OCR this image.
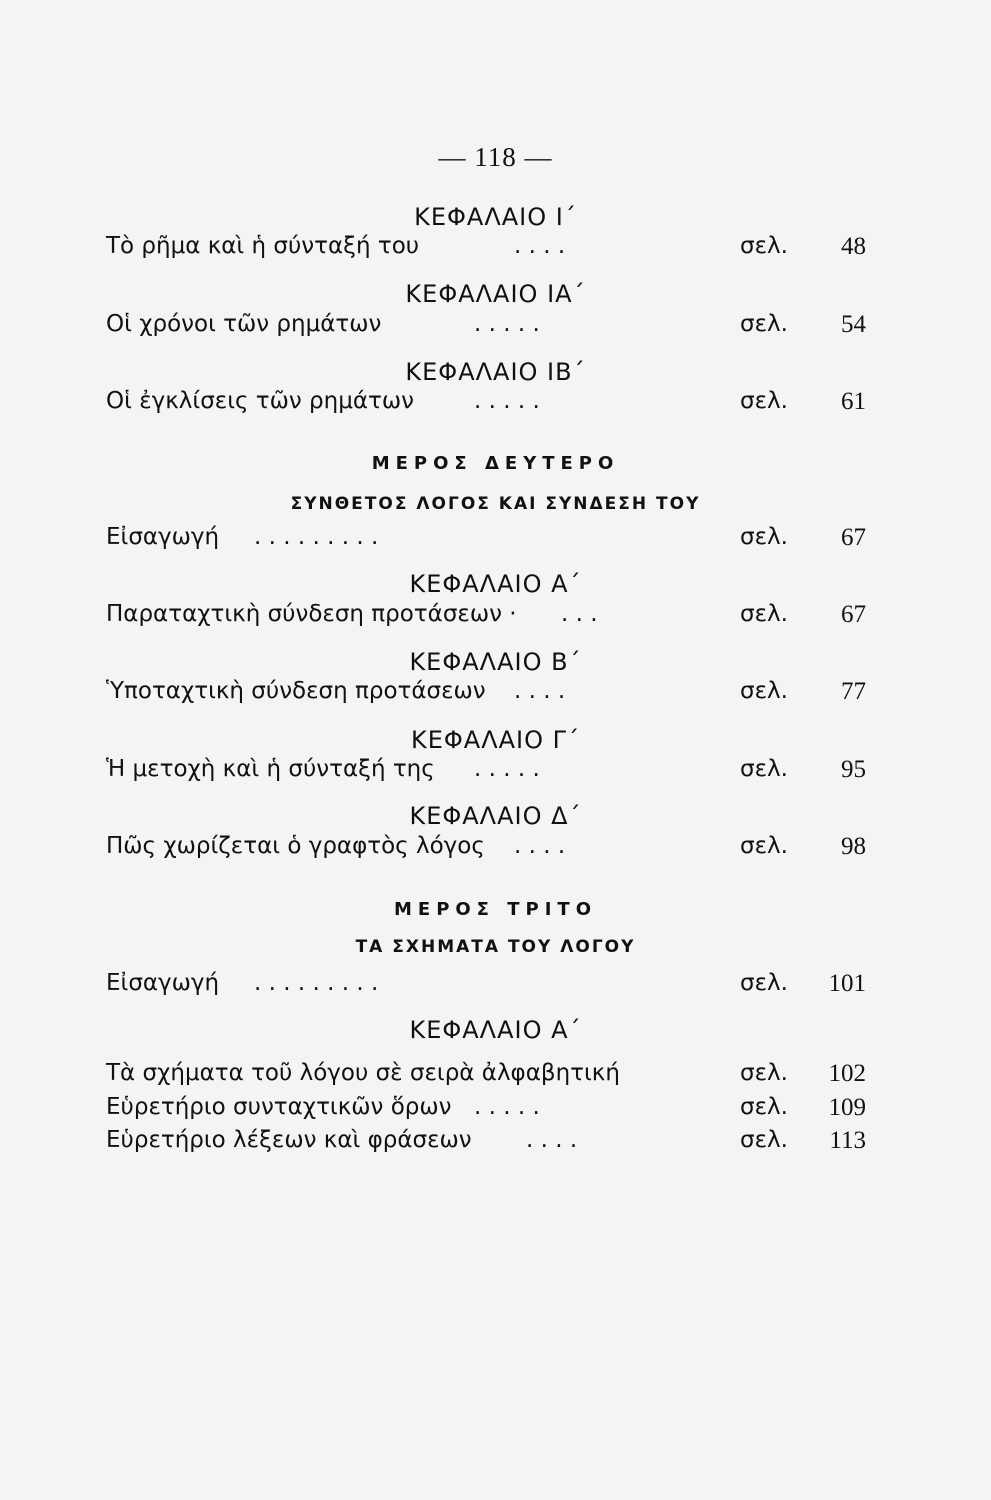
— 118 —
ΚΕΦΑΛΑΙΟ Ι΄
Τὸ ρῆμα καὶ ἡ σύνταξή του	. . . .	σελ.	48
ΚΕΦΑΛΑΙΟ ΙΑ΄
Οἱ χρόνοι τῶν ρημάτων	. . . . .	σελ.	54
ΚΕΦΑΛΑΙΟ ΙΒ΄
Οἱ ἐγκλίσεις τῶν ρημάτων	. . . . .	σελ.	61
ΜΕΡΟΣ ΔΕΥΤΕΡΟ
ΣΥΝΘΕΤΟΣ ΛΟΓΟΣ ΚΑΙ ΣΥΝΔΕΣΗ ΤΟΥ
Εἰσαγωγή . . . . . . . . .	σελ.	67
ΚΕΦΑΛΑΙΟ Α΄
Παραταχτικὴ σύνδεση προτάσεων · . . .	σελ.	67
ΚΕΦΑΛΑΙΟ Β΄
Ὑποταχτικὴ σύνδεση προτάσεων . . . .	σελ.	77
ΚΕΦΑΛΑΙΟ Γ΄
Ἡ μετοχὴ καὶ ἡ σύνταξή της . . . . .	σελ.	95
ΚΕΦΑΛΑΙΟ Δ΄
Πῶς χωρίζεται ὁ γραφτὸς λόγος . . . .	σελ.	98
ΜΕΡΟΣ ΤΡΙΤΟ
ΤΑ ΣΧΗΜΑΤΑ ΤΟΥ ΛΟΓΟΥ
Εἰσαγωγή . . . . . . . . .	σελ.	101
ΚΕΦΑΛΑΙΟ Α΄
Τὰ σχήματα τοῦ λόγου σὲ σειρὰ ἀλφαβητική	σελ.	102
Εὑρετήριο συνταχτικῶν ὅρων . . . . .	σελ.	109
Εὑρετήριο λέξεων καὶ φράσεων . . . .	σελ.	113
